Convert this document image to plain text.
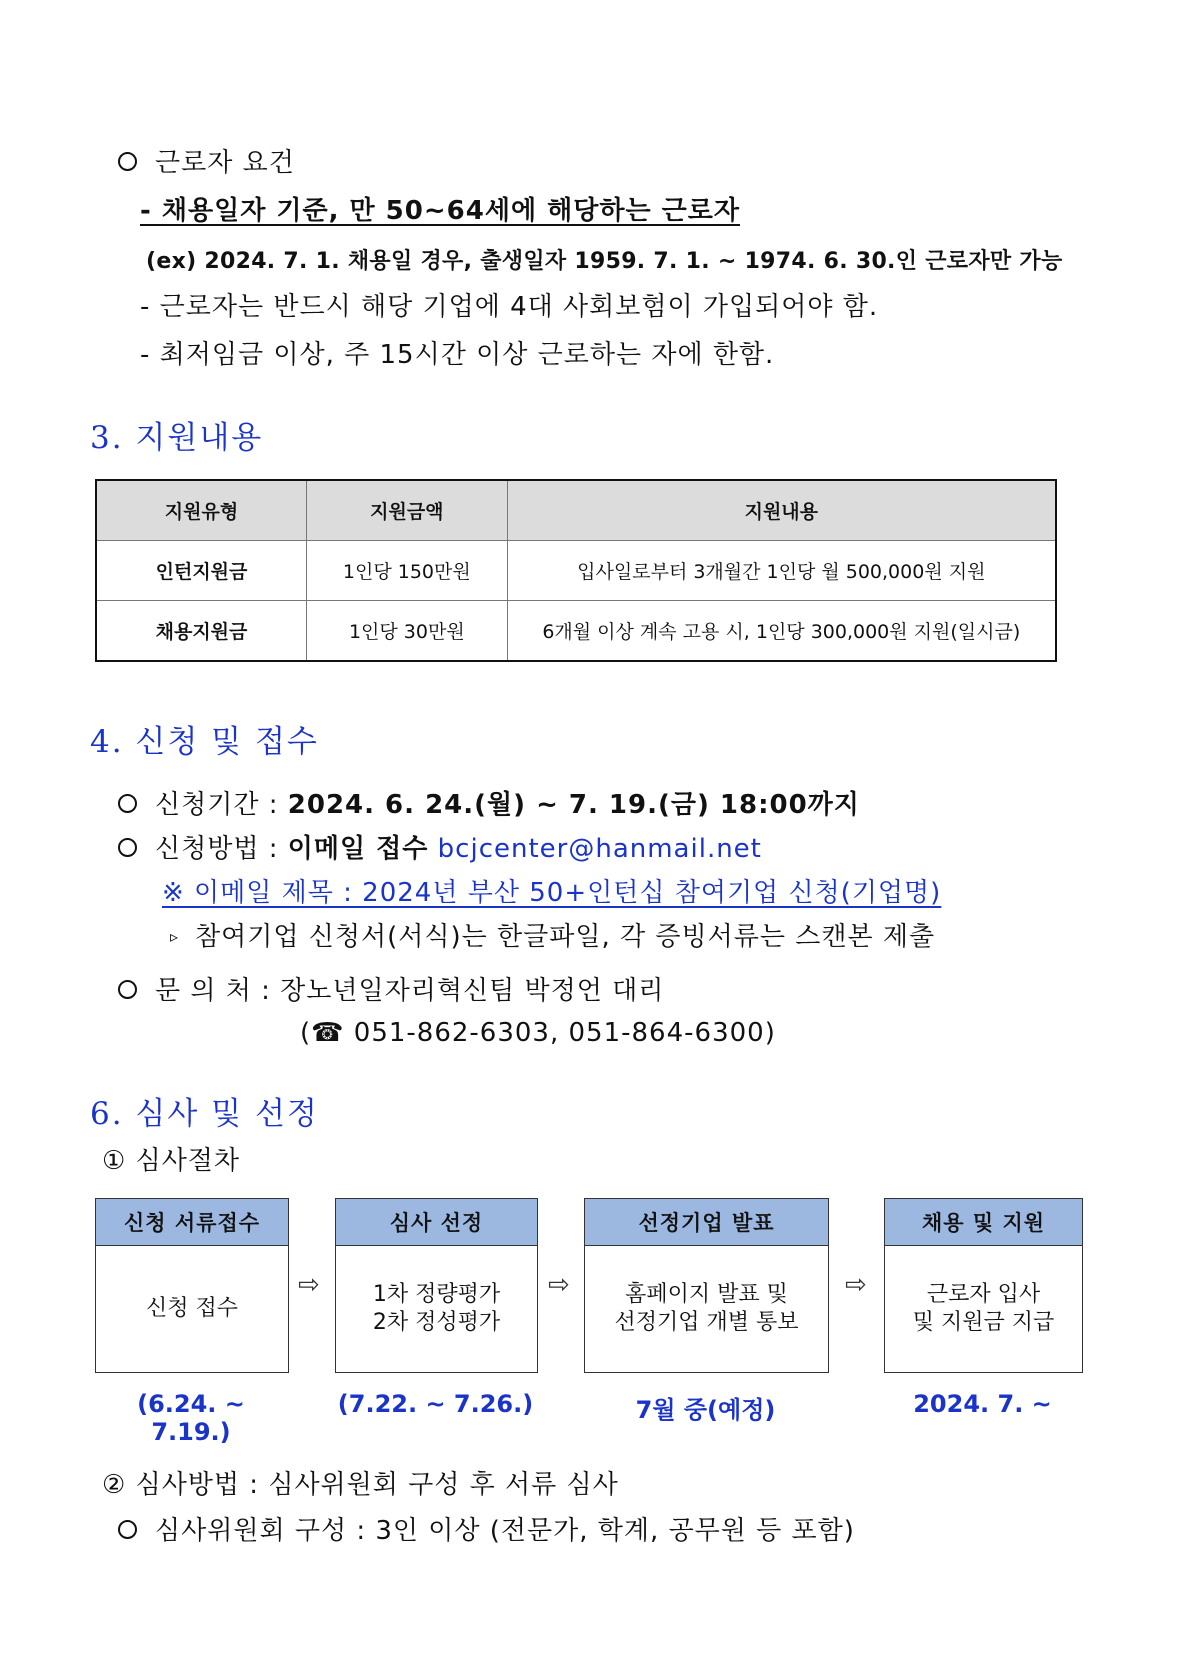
근로자 요건
- 채용일자 기준, 만 50~64세에 해당하는 근로자
(ex) 2024. 7. 1. 채용일 경우, 출생일자 1959. 7. 1. ~ 1974. 6. 30.인 근로자만 가능
- 근로자는 반드시 해당 기업에 4대 사회보험이 가입되어야 함.
- 최저임금 이상, 주 15시간 이상 근로하는 자에 한함.
3. 지원내용
지원유형	지원금액	지원내용
인턴지원금	1인당 150만원	입사일로부터 3개월간 1인당 월 500,000원 지원
채용지원금	1인당 30만원	6개월 이상 계속 고용 시, 1인당 300,000원 지원(일시금)
4. 신청 및 접수
신청기간 : 2024. 6. 24.(월) ~ 7. 19.(금) 18:00까지
신청방법 : 이메일 접수 bcjcenter@hanmail.net
※ 이메일 제목 : 2024년 부산 50+인턴십 참여기업 신청(기업명)
▹ 참여기업 신청서(서식)는 한글파일, 각 증빙서류는 스캔본 제출
문 의 처 : 장노년일자리혁신팀 박정언 대리
(☎ 051-862-6303, 051-864-6300)
6. 심사 및 선정
① 심사절차
신청 서류접수
신청 접수
⇨
심사 선정
1차 정량평가
2차 정성평가
⇨
선정기업 발표
홈페이지 발표 및
선정기업 개별 통보
⇨
채용 및 지원
근로자 입사
및 지원금 지급
(6.24. ~ 7.19.)
(7.22. ~ 7.26.)	7월 중(예정)	2024. 7. ~
② 심사방법 : 심사위원회 구성 후 서류 심사
심사위원회 구성 : 3인 이상 (전문가, 학계, 공무원 등 포함)
